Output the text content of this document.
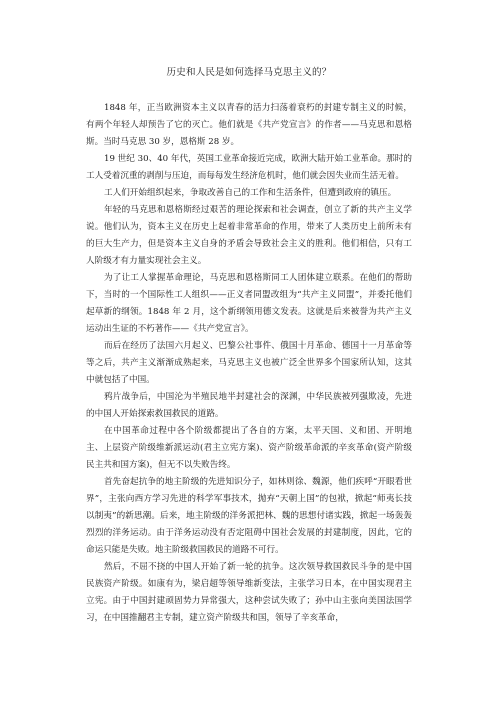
历史和人民是如何选择马克思主义的？

1848 年，正当欧洲资本主义以青春的活力扫荡着衰朽的封建专制主义的时候，有两个年轻人却预告了它的灭亡。他们就是《共产党宣言》的作者——马克思和恩格斯。当时马克思 30 岁，恩格斯 28 岁。

19 世纪 30、40 年代，英国工业革命接近完成，欧洲大陆开始工业革命。那时的工人受着沉重的剥削与压迫，而每每发生经济危机时，他们就会因失业而生活无着。

工人们开始组织起来，争取改善自己的工作和生活条件，但遭到政府的镇压。

年轻的马克思和恩格斯经过艰苦的理论探索和社会调查，创立了新的共产主义学说。他们认为，资本主义在历史上起着非常革命的作用，带来了人类历史上前所未有的巨大生产力，但是资本主义自身的矛盾会导致社会主义的胜利。他们相信，只有工人阶级才有力量实现社会主义。

为了让工人掌握革命理论，马克思和恩格斯同工人团体建立联系。在他们的帮助下，当时的一个国际性工人组织——正义者同盟改组为“共产主义同盟”，并委托他们起草新的纲领。1848 年 2 月，这个新纲领用德文发表。这就是后来被誉为共产主义运动出生证的不朽著作——《共产党宣言》。

而后在经历了法国六月起义、巴黎公社事件、俄国十月革命、德国十一月革命等等之后，共产主义渐渐成熟起来，马克思主义也被广泛全世界多个国家所认知，这其中就包括了中国。

鸦片战争后，中国沦为半殖民地半封建社会的深渊，中华民族被列强欺凌，先进的中国人开始探索救国救民的道路。

在中国革命过程中各个阶级都提出了各自的方案，太平天国、义和团、开明地主、上层资产阶级维新派运动(君主立宪方案)、资产阶级革命派的辛亥革命(资产阶级民主共和国方案)，但无不以失败告终。

首先奋起抗争的地主阶级的先进知识分子，如林则徐、魏源，他们疾呼“开眼看世界”，主张向西方学习先进的科学军事技术，抛弃“天朝上国”的包袱，掀起“师夷长技以制夷”的新思潮。后来，地主阶级的洋务派把林、魏的思想付诸实践，掀起一场轰轰烈烈的洋务运动。由于洋务运动没有否定阻碍中国社会发展的封建制度，因此，它的命运只能是失败。地主阶级救国救民的道路不可行。

然后，不屈不挠的中国人开始了新一轮的抗争。这次领导救国救民斗争的是中国民族资产阶级。如康有为，梁启超等领导维新变法，主张学习日本，在中国实现君主立宪。由于中国封建顽固势力异常强大，这种尝试失败了；孙中山主张向美国法国学习，在中国推翻君主专制，建立资产阶级共和国，领导了辛亥革命，
